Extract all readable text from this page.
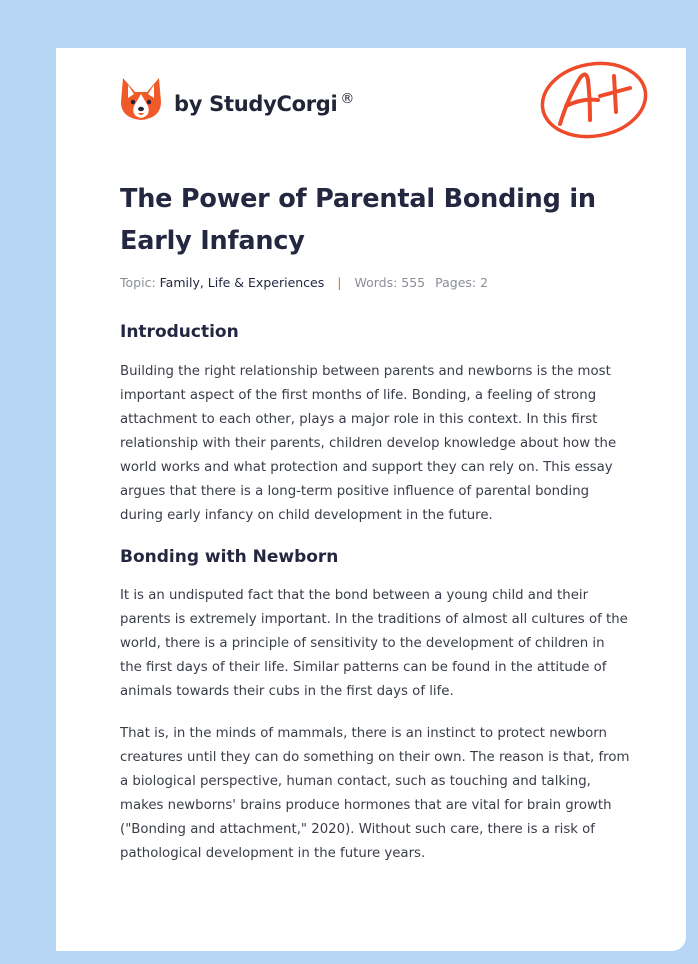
by StudyCorgi ®
The Power of Parental Bonding in Early Infancy
Topic: Family, Life & Experiences | Words: 555 Pages: 2
Introduction

Building the right relationship between parents and newborns is the most important aspect of the first months of life. Bonding, a feeling of strong attachment to each other, plays a major role in this context. In this first relationship with their parents, children develop knowledge about how the world works and what protection and support they can rely on. This essay argues that there is a long-term positive influence of parental bonding during early infancy on child development in the future.

Bonding with Newborn

It is an undisputed fact that the bond between a young child and their parents is extremely important. In the traditions of almost all cultures of the world, there is a principle of sensitivity to the development of children in the first days of their life. Similar patterns can be found in the attitude of animals towards their cubs in the first days of life.

That is, in the minds of mammals, there is an instinct to protect newborn creatures until they can do something on their own. The reason is that, from a biological perspective, human contact, such as touching and talking, makes newborns' brains produce hormones that are vital for brain growth ("Bonding and attachment," 2020). Without such care, there is a risk of pathological development in the future years.
